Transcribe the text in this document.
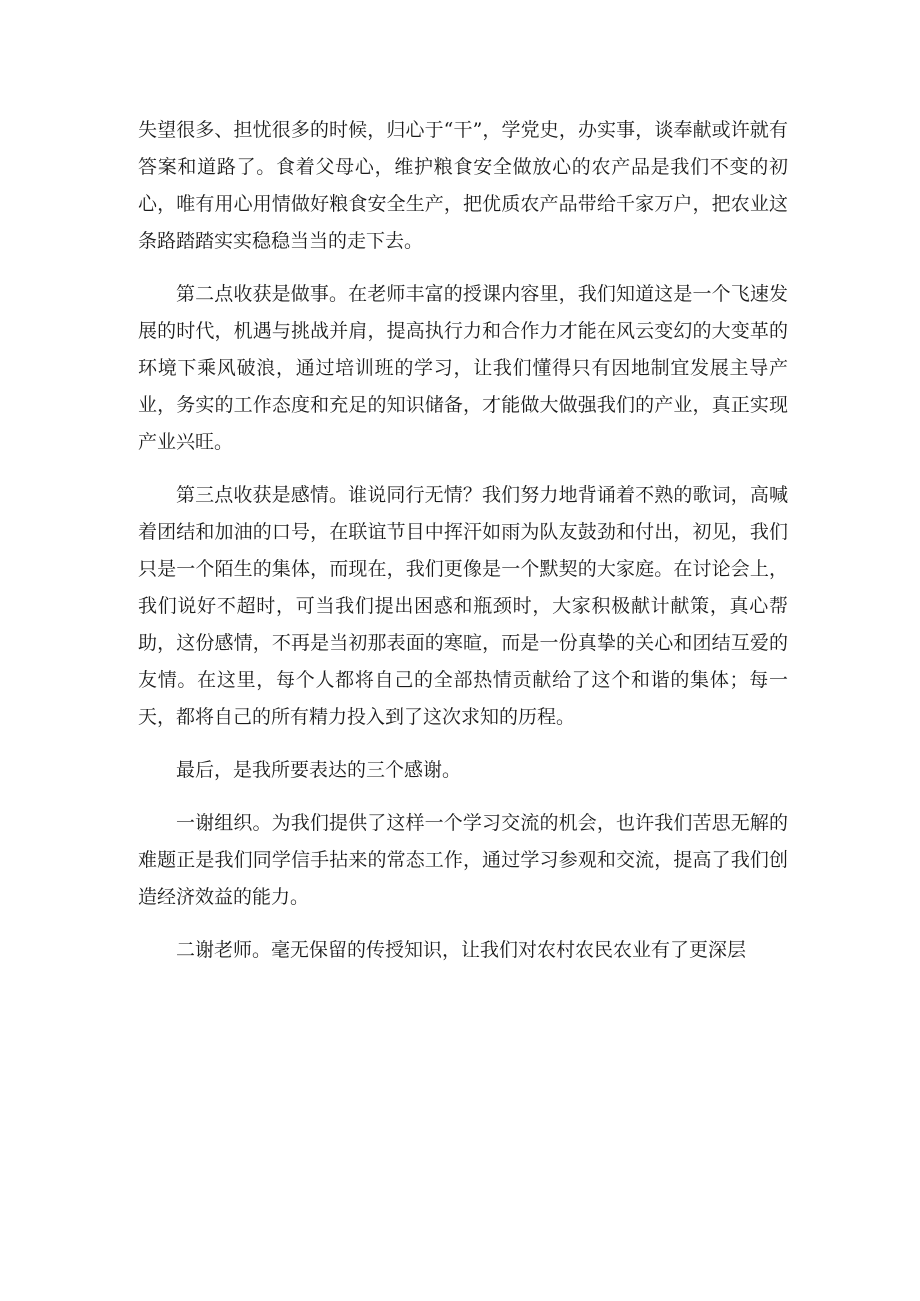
失望很多、担忧很多的时候，归心于“干”，学党史，办实事，谈奉献或许就有答案和道路了。食着父母心，维护粮食安全做放心的农产品是我们不变的初心，唯有用心用情做好粮食安全生产，把优质农产品带给千家万户，把农业这条路踏踏实实稳稳当当的走下去。

第二点收获是做事。在老师丰富的授课内容里，我们知道这是一个飞速发展的时代，机遇与挑战并肩，提高执行力和合作力才能在风云变幻的大变革的环境下乘风破浪，通过培训班的学习，让我们懂得只有因地制宜发展主导产业，务实的工作态度和充足的知识储备，才能做大做强我们的产业，真正实现产业兴旺。

第三点收获是感情。谁说同行无情？我们努力地背诵着不熟的歌词，高喊着团结和加油的口号，在联谊节目中挥汗如雨为队友鼓劲和付出，初见，我们只是一个陌生的集体，而现在，我们更像是一个默契的大家庭。在讨论会上，我们说好不超时，可当我们提出困惑和瓶颈时，大家积极献计献策，真心帮助，这份感情，不再是当初那表面的寒暄，而是一份真挚的关心和团结互爱的友情。在这里，每个人都将自己的全部热情贡献给了这个和谐的集体；每一天，都将自己的所有精力投入到了这次求知的历程。

最后，是我所要表达的三个感谢。

一谢组织。为我们提供了这样一个学习交流的机会，也许我们苦思无解的难题正是我们同学信手拈来的常态工作，通过学习参观和交流，提高了我们创造经济效益的能力。

二谢老师。毫无保留的传授知识，让我们对农村农民农业有了更深层
